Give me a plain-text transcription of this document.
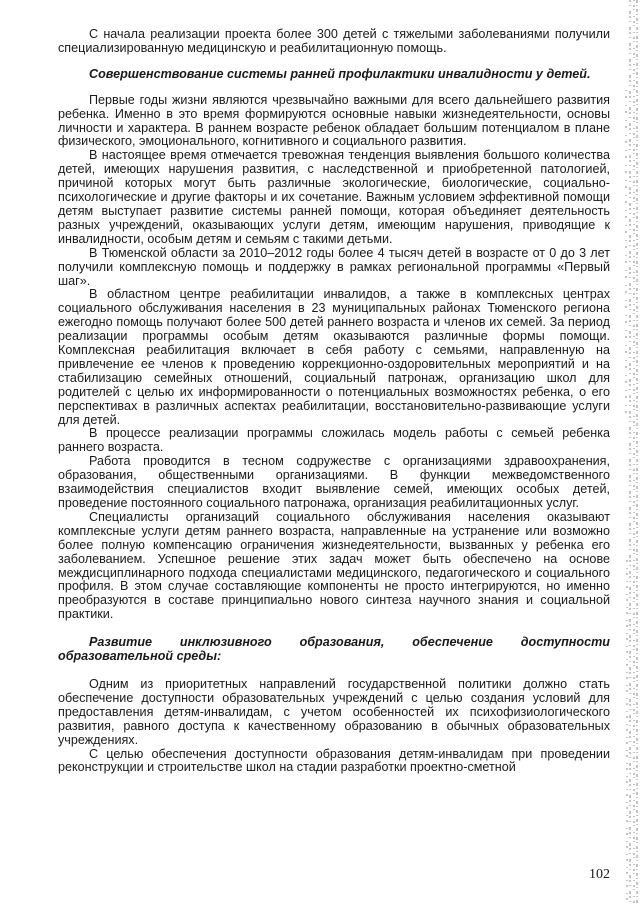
С начала реализации проекта более 300 детей с тяжелыми заболеваниями получили специализированную медицинскую и реабилитационную помощь.

Совершенствование системы ранней профилактики инвалидности у детей.

Первые годы жизни являются чрезвычайно важными для всего дальнейшего развития ребенка. Именно в это время формируются основные навыки жизнедеятельности, основы личности и характера. В раннем возрасте ребенок обладает большим потенциалом в плане физического, эмоционального, когнитивного и социального развития.

В настоящее время отмечается тревожная тенденция выявления большого количества детей, имеющих нарушения развития, с наследственной и приобретенной патологией, причиной которых могут быть различные экологические, биологические, социально-психологические и другие факторы и их сочетание. Важным условием эффективной помощи детям выступает развитие системы ранней помощи, которая объединяет деятельность разных учреждений, оказывающих услуги детям, имеющим нарушения, приводящие к инвалидности, особым детям и семьям с такими детьми.

В Тюменской области за 2010–2012 годы более 4 тысяч детей в возрасте от 0 до 3 лет получили комплексную помощь и поддержку в рамках региональной программы «Первый шаг».

В областном центре реабилитации инвалидов, а также в комплексных центрах социального обслуживания населения в 23 муниципальных районах Тюменского региона ежегодно помощь получают более 500 детей раннего возраста и членов их семей. За период реализации программы особым детям оказываются различные формы помощи. Комплексная реабилитация включает в себя работу с семьями, направленную на привлечение ее членов к проведению коррекционно-оздоровительных мероприятий и на стабилизацию семейных отношений, социальный патронаж, организацию школ для родителей с целью их информированности о потенциальных возможностях ребенка, о его перспективах в различных аспектах реабилитации, восстановительно-развивающие услуги для детей.

В процессе реализации программы сложилась модель работы с семьей ребенка раннего возраста.

Работа проводится в тесном содружестве с организациями здравоохранения, образования, общественными организациями. В функции межведомственного взаимодействия специалистов входит выявление семей, имеющих особых детей, проведение постоянного социального патронажа, организация реабилитационных услуг.

Специалисты организаций социального обслуживания населения оказывают комплексные услуги детям раннего возраста, направленные на устранение или возможно более полную компенсацию ограничения жизнедеятельности, вызванных у ребенка его заболеванием. Успешное решение этих задач может быть обеспечено на основе междисциплинарного подхода специалистами медицинского, педагогического и социального профиля. В этом случае составляющие компоненты не просто интегрируются, но именно преобразуются в составе принципиально нового синтеза научного знания и социальной практики.

Развитие инклюзивного образования, обеспечение доступности образовательной среды:

Одним из приоритетных направлений государственной политики должно стать обеспечение доступности образовательных учреждений с целью создания условий для предоставления детям-инвалидам, с учетом особенностей их психофизиологического развития, равного доступа к качественному образованию в обычных образовательных учреждениях.

С целью обеспечения доступности образования детям-инвалидам при проведении реконструкции и строительстве школ на стадии разработки проектно-сметной

102
